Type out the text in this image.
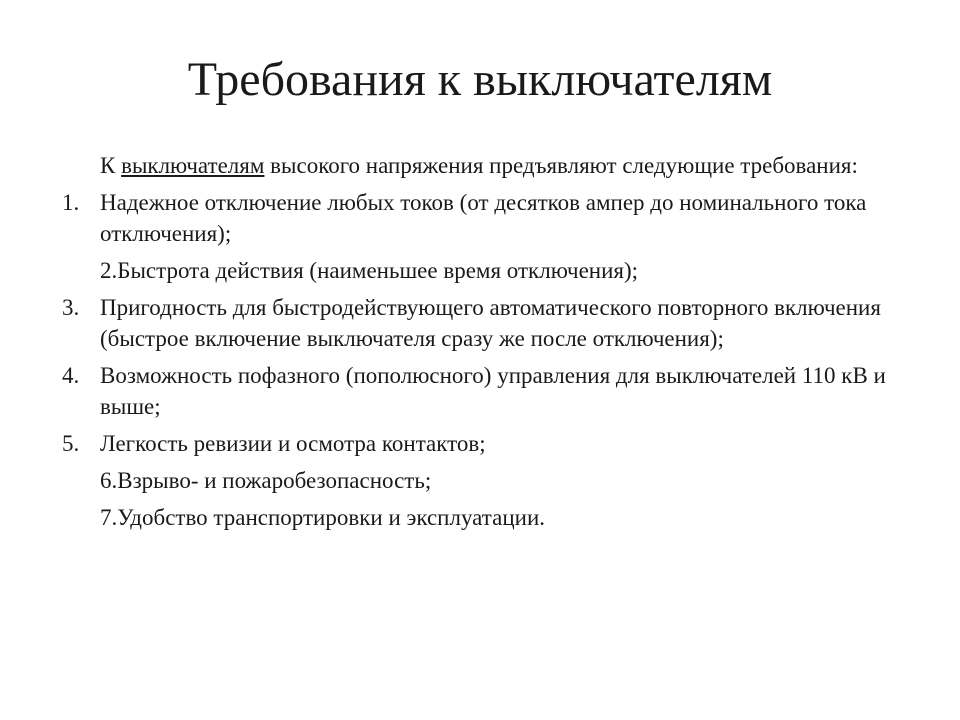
Требования к выключателям

К выключателям высокого напряжения предъявляют следующие требования:

1. Надежное отключение любых токов (от десятков ампер до номинального тока отключения);
2.Быстрота действия (наименьшее время отключения);
3. Пригодность для быстродействующего автоматического повторного включения (быстрое включение выключателя сразу же после отключения);
4. Возможность пофазного (пополюсного) управления для выключателей 110 кВ и выше;
5. Легкость ревизии и осмотра контактов;
6.Взрыво- и пожаробезопасность;
7.Удобство транспортировки и эксплуатации.
